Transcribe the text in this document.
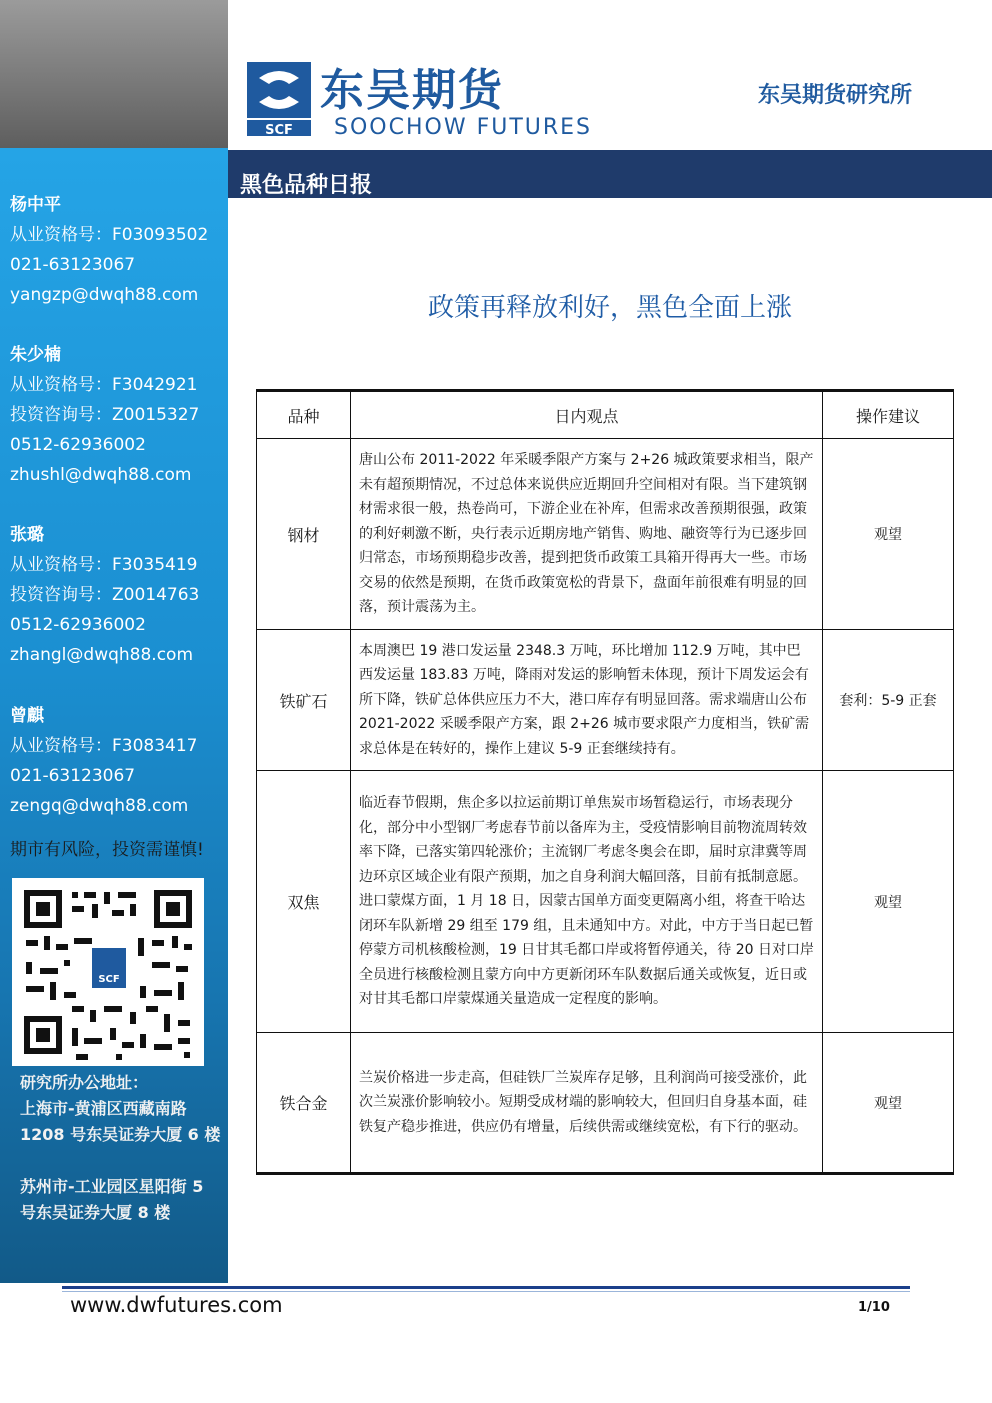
杨中平
从业资格号：F03093502
021-63123067
yangzp@dwqh88.com
朱少楠
从业资格号：F3042921
投资咨询号：Z0015327
0512-62936002
zhushl@dwqh88.com
张璐
从业资格号：F3035419
投资咨询号：Z0014763
0512-62936002
zhangl@dwqh88.com
曾麒
从业资格号：F3083417
021-63123067
zengq@dwqh88.com
期市有风险，投资需谨慎!
SCF
研究所办公地址：
上海市-黄浦区西藏南路
1208 号东吴证券大厦 6 楼
苏州市-工业园区星阳街 5
号东吴证券大厦 8 楼
SCF
东吴期货
SOOCHOW FUTURES
东吴期货研究所
黑色品种日报
政策再释放利好，黑色全面上涨
品种	日内观点	操作建议
钢材	唐山公布 2011-2022 年采暖季限产方案与 2+26 城政策要求相当，限产未有超预期情况，不过总体来说供应近期回升空间相对有限。当下建筑钢材需求很一般，热卷尚可，下游企业在补库，但需求改善预期很强，政策的利好刺激不断，央行表示近期房地产销售、购地、融资等行为已逐步回归常态，市场预期稳步改善，提到把货币政策工具箱开得再大一些。市场交易的依然是预期，在货币政策宽松的背景下，盘面年前很难有明显的回落，预计震荡为主。	观望
铁矿石	本周澳巴 19 港口发运量 2348.3 万吨，环比增加 112.9 万吨，其中巴西发运量 183.83 万吨，降雨对发运的影响暂未体现，预计下周发运会有所下降，铁矿总体供应压力不大，港口库存有明显回落。需求端唐山公布 2021-2022 采暖季限产方案，跟 2+26 城市要求限产力度相当，铁矿需求总体是在转好的，操作上建议 5-9 正套继续持有。	套利：5-9 正套
双焦	临近春节假期，焦企多以拉运前期订单焦炭市场暂稳运行，市场表现分化，部分中小型钢厂考虑春节前以备库为主，受疫情影响目前物流周转效率下降，已落实第四轮涨价；主流钢厂考虑冬奥会在即，届时京津冀等周边环京区域企业有限产预期，加之自身利润大幅回落，目前有抵制意愿。 进口蒙煤方面，1 月 18 日，因蒙古国单方面变更隔离小组，将查干哈达闭环车队新增 29 组至 179 组，且未通知中方。对此，中方于当日起已暂停蒙方司机核酸检测，19 日甘其毛都口岸或将暂停通关，待 20 日对口岸全员进行核酸检测且蒙方向中方更新闭环车队数据后通关或恢复，近日或对甘其毛都口岸蒙煤通关量造成一定程度的影响。	观望
铁合金	兰炭价格进一步走高，但硅铁厂兰炭库存足够，且利润尚可接受涨价，此次兰炭涨价影响较小。短期受成材端的影响较大，但回归自身基本面，硅铁复产稳步推进，供应仍有增量，后续供需或继续宽松，有下行的驱动。	观望
www.dwfutures.com	1/10
